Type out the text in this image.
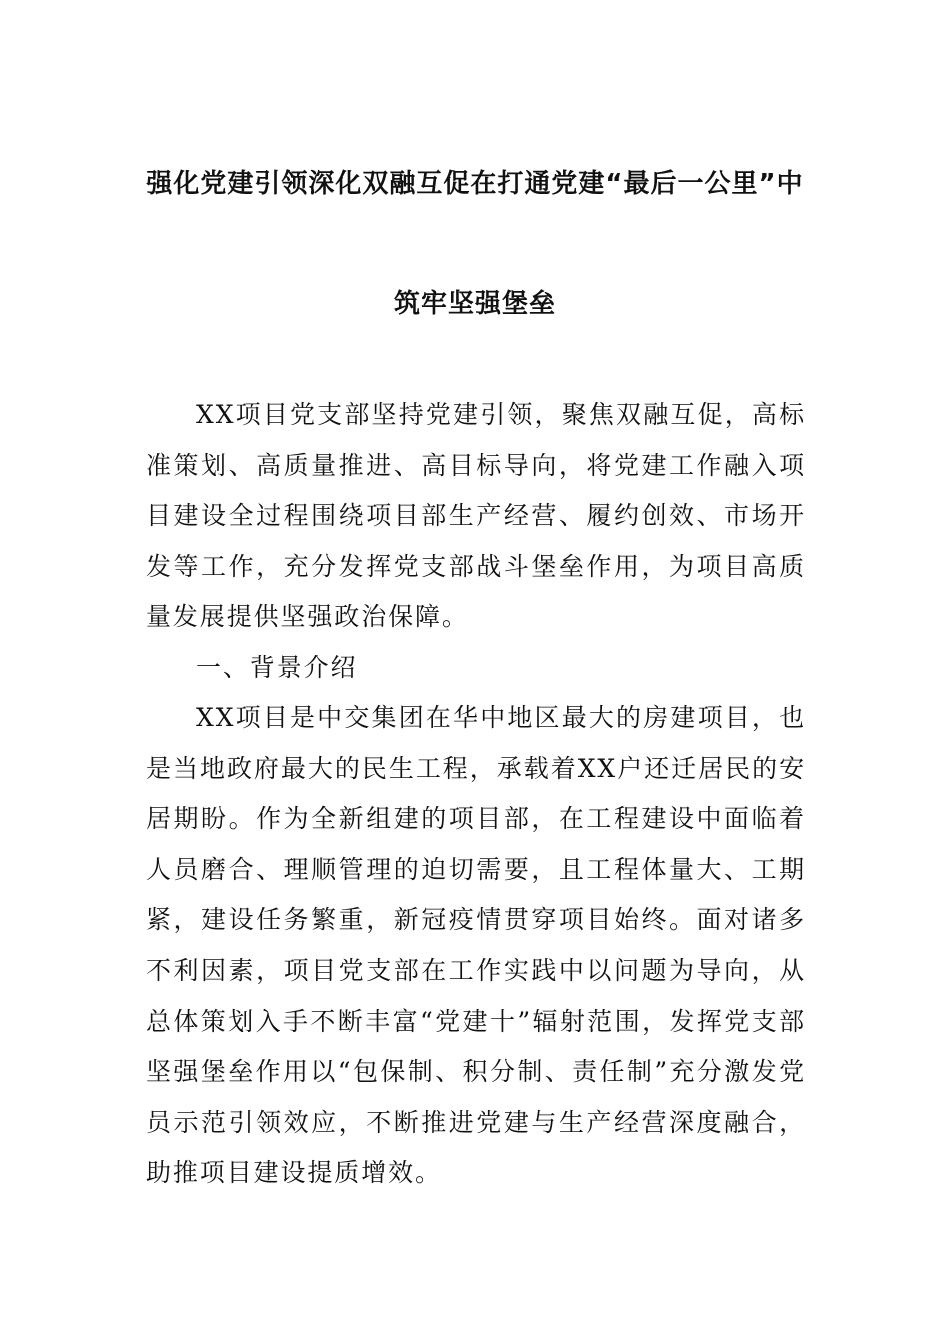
强化党建引领深化双融互促在打通党建“最后一公里”中
筑牢坚强堡垒

XX项目党支部坚持党建引领，聚焦双融互促，高标准策划、高质量推进、高目标导向，将党建工作融入项目建设全过程围绕项目部生产经营、履约创效、市场开发等工作，充分发挥党支部战斗堡垒作用，为项目高质量发展提供坚强政治保障。

一、背景介绍

XX项目是中交集团在华中地区最大的房建项目，也是当地政府最大的民生工程，承载着XX户还迁居民的安居期盼。作为全新组建的项目部，在工程建设中面临着人员磨合、理顺管理的迫切需要，且工程体量大、工期紧，建设任务繁重，新冠疫情贯穿项目始终。面对诸多不利因素，项目党支部在工作实践中以问题为导向，从总体策划入手不断丰富“党建十”辐射范围，发挥党支部坚强堡垒作用以“包保制、积分制、责任制”充分激发党员示范引领效应，不断推进党建与生产经营深度融合，助推项目建设提质增效。
